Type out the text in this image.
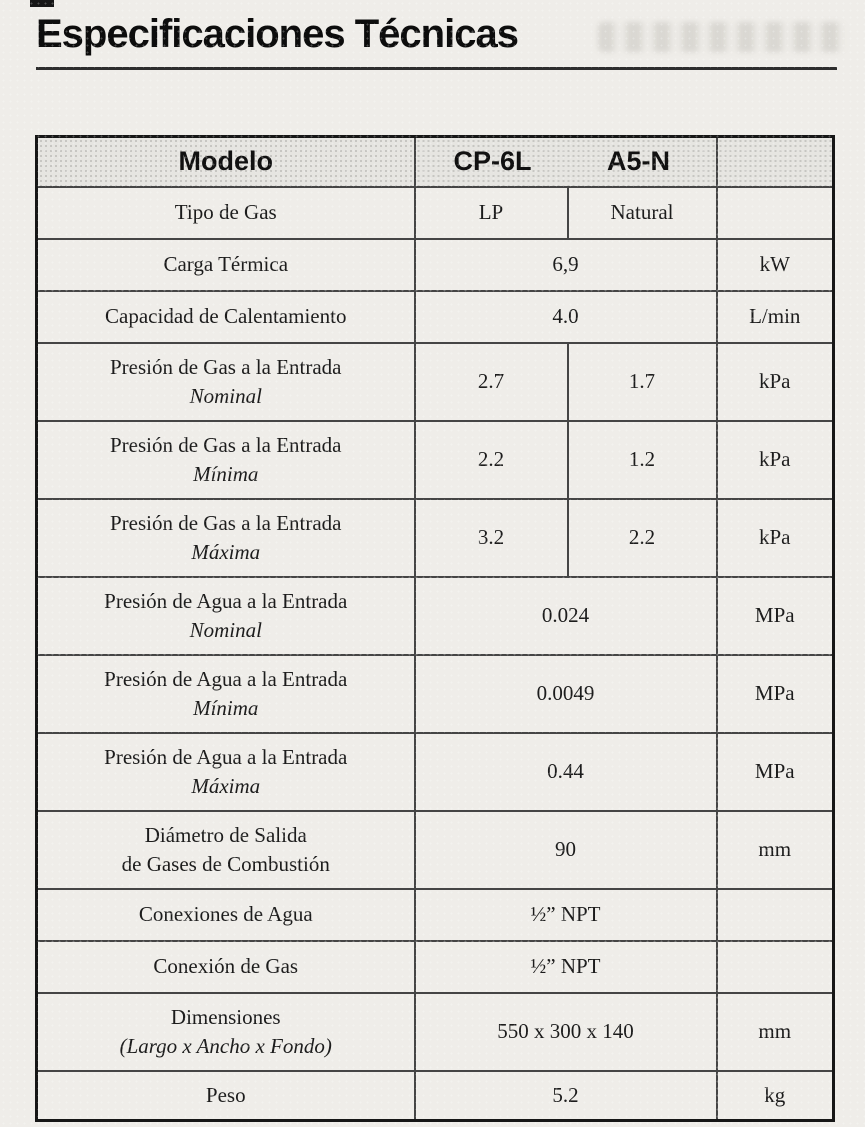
Especificaciones Técnicas
Modelo	CP-6L A5-N		

Tipo de Gas	LP	Natural	

Carga Térmica	6,9		kW

Capacidad de Calentamiento	4.0		L/min

Presión de Gas a la Entrada
Nominal	2.7	1.7	kPa

Presión de Gas a la Entrada
Mínima	2.2	1.2	kPa

Presión de Gas a la Entrada
Máxima	3.2	2.2	kPa

Presión de Agua a la Entrada
Nominal	0.024		MPa

Presión de Agua a la Entrada
Mínima	0.0049		MPa

Presión de Agua a la Entrada
Máxima	0.44		MPa

Diámetro de Salida
de Gases de Combustión	90		mm

Conexiones de Agua	½” NPT		

Conexión de Gas	½” NPT		

Dimensiones
(Largo x Ancho x Fondo)	550 x 300 x 140		mm

Peso	5.2		kg
